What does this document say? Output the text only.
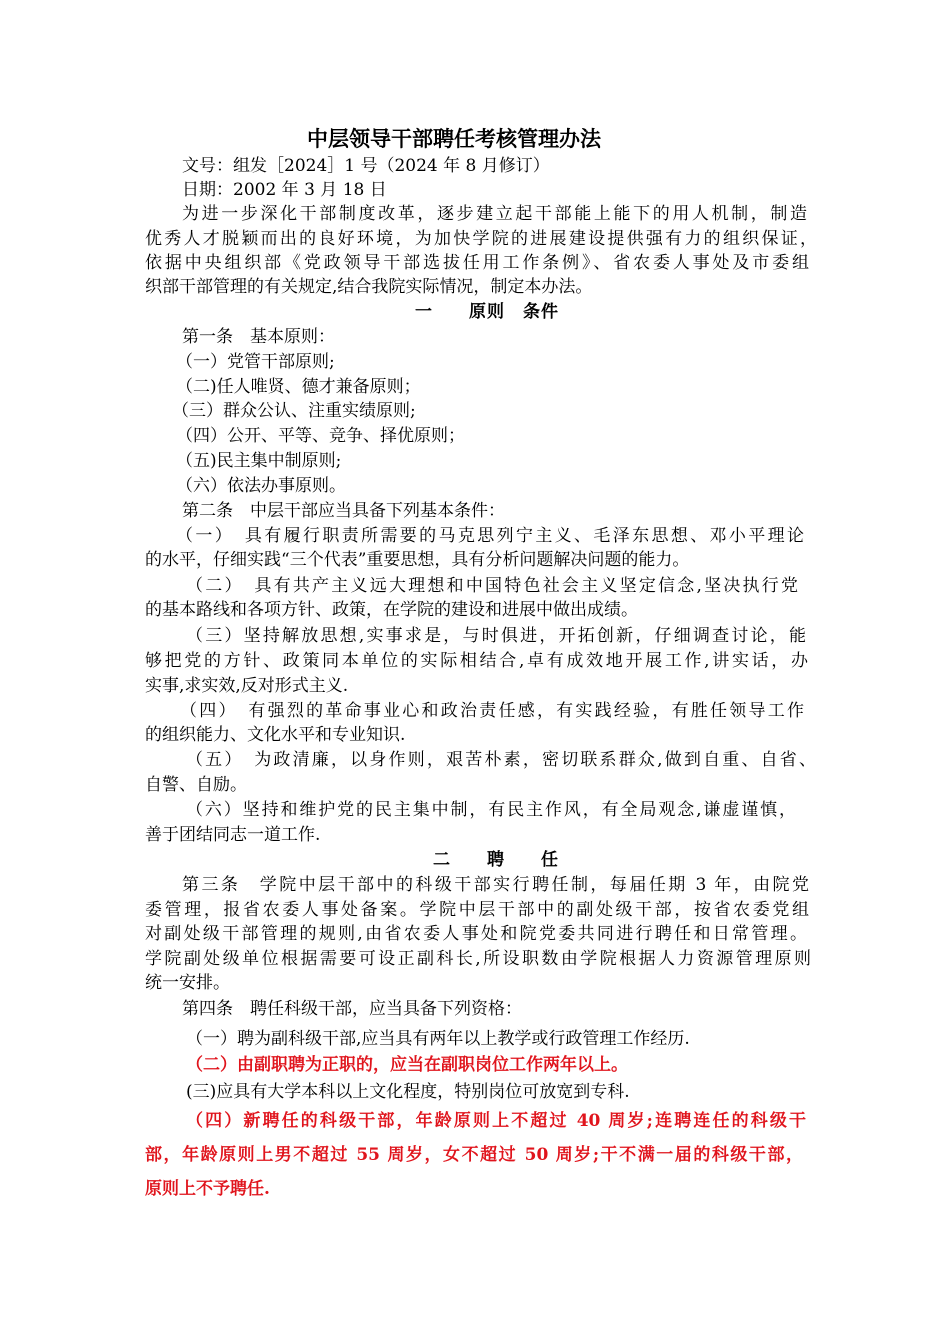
中层领导干部聘任考核管理办法
文号：组发［2024］1 号（2024 年 8 月修订）
日期：2002 年 3 月 18 日
为进一步深化干部制度改革，逐步建立起干部能上能下的用人机制，制造
优秀人才脱颖而出的良好环境，为加快学院的进展建设提供强有力的组织保证，
依据中央组织部《党政领导干部选拔任用工作条例》、省农委人事处及市委组
织部干部管理的有关规定,结合我院实际情况，制定本办法。
一　　原则　条件
第一条　基本原则：
（一）党管干部原则;
（二)任人唯贤、德才兼备原则；
（三）群众公认、注重实绩原则;
（四）公开、平等、竞争、择优原则；
（五)民主集中制原则;
（六）依法办事原则。
第二条　中层干部应当具备下列基本条件：
（一）　具有履行职责所需要的马克思列宁主义、毛泽东思想、邓小平理论
的水平，仔细实践“三个代表”重要思想，具有分析问题解决问题的能力。
（二）　具有共产主义远大理想和中国特色社会主义坚定信念,坚决执行党
的基本路线和各项方针、政策，在学院的建设和进展中做出成绩。
（三）坚持解放思想,实事求是，与时俱进，开拓创新，仔细调查讨论，能
够把党的方针、政策同本单位的实际相结合,卓有成效地开展工作,讲实话，办
实事,求实效,反对形式主义.
（四）　有强烈的革命事业心和政治责任感，有实践经验，有胜任领导工作
的组织能力、文化水平和专业知识.
（五）　为政清廉，以身作则，艰苦朴素，密切联系群众,做到自重、自省、
自警、自励。
（六）坚持和维护党的民主集中制，有民主作风，有全局观念,谦虚谨慎，
善于团结同志一道工作.
二　　聘　　任
第三条　学院中层干部中的科级干部实行聘任制，每届任期 3 年，由院党
委管理，报省农委人事处备案。学院中层干部中的副处级干部，按省农委党组
对副处级干部管理的规则,由省农委人事处和院党委共同进行聘任和日常管理。
学院副处级单位根据需要可设正副科长,所设职数由学院根据人力资源管理原则
统一安排。
第四条　聘任科级干部，应当具备下列资格：
（一）聘为副科级干部,应当具有两年以上教学或行政管理工作经历.
（二）由副职聘为正职的，应当在副职岗位工作两年以上。
(三)应具有大学本科以上文化程度，特别岗位可放宽到专科.
（四）新聘任的科级干部，年龄原则上不超过 40 周岁;连聘连任的科级干
部，年龄原则上男不超过 55 周岁，女不超过 50 周岁;干不满一届的科级干部，
原则上不予聘任.
